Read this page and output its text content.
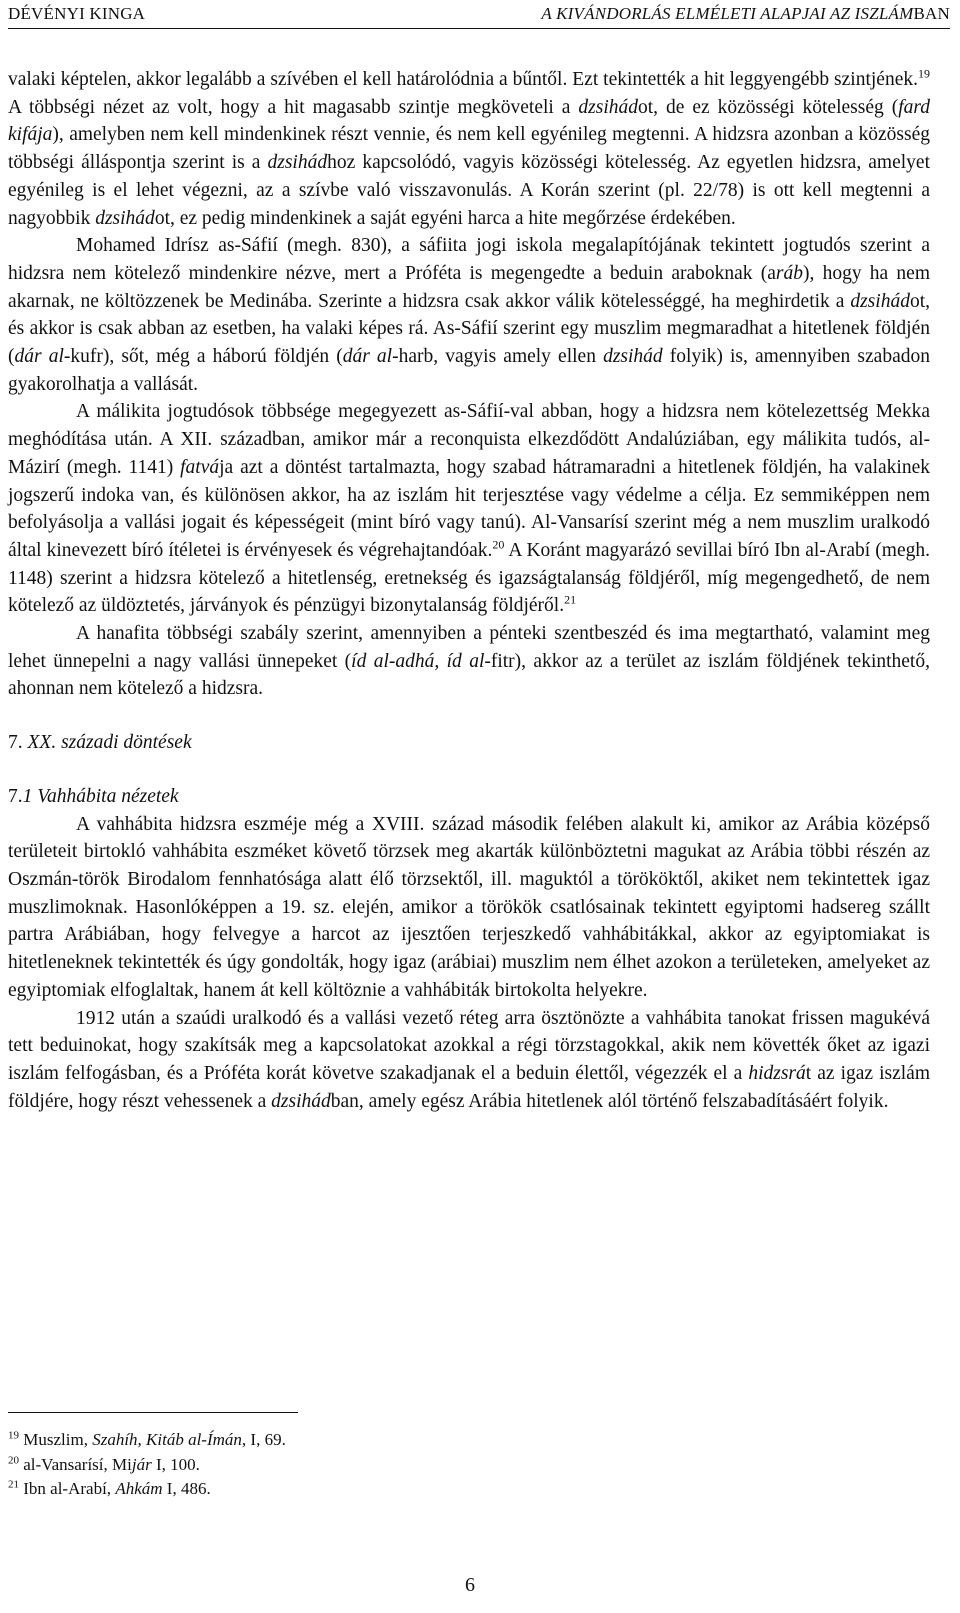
DÉVÉNYI KINGA	A KIVÁNDORLÁS ELMÉLETI ALAPJAI AZ ISZLÁMBAN

valaki képtelen, akkor legalább a szívében el kell határolódnia a bűntől. Ezt tekintették a hit leggyengébb szintjének.$^{19}$ A többségi nézet az volt, hogy a hit magasabb szintje megköveteli a dzsihádot, de ez közösségi kötelesség (fard kifája), amelyben nem kell mindenkinek részt vennie, és nem kell egyénileg megtenni. A hidzsra azonban a közösség többségi álláspontja szerint is a dzsihádhoz kapcsolódó, vagyis közösségi kötelesség. Az egyetlen hidzsra, amelyet egyénileg is el lehet végezni, az a szívbe való visszavonulás. A Korán szerint (pl. 22/78) is ott kell megtenni a nagyobbik dzsihádot, ez pedig mindenkinek a saját egyéni harca a hite megőrzése érdekében.

Mohamed Idrísz as-Sáfií (megh. 830), a sáfiita jogi iskola megalapítójának tekintett jogtudós szerint a hidzsra nem kötelező mindenkire nézve, mert a Próféta is megengedte a beduin araboknak (aráb), hogy ha nem akarnak, ne költözzenek be Medinába. Szerinte a hidzsra csak akkor válik kötelességgé, ha meghirdetik a dzsihádot, és akkor is csak abban az esetben, ha valaki képes rá. As-Sáfií szerint egy muszlim megmaradhat a hitetlenek földjén (dár al-kufr), sőt, még a háború földjén (dár al-harb, vagyis amely ellen dzsihád folyik) is, amennyiben szabadon gyakorolhatja a vallását.

A málikita jogtudósok többsége megegyezett as-Sáfií-val abban, hogy a hidzsra nem kötelezettség Mekka meghódítása után. A XII. században, amikor már a reconquista elkezdődött Andalúziában, egy málikita tudós, al-Mázirí (megh. 1141) fatvája azt a döntést tartalmazta, hogy szabad hátramaradni a hitetlenek földjén, ha valakinek jogszerű indoka van, és különösen akkor, ha az iszlám hit terjesztése vagy védelme a célja. Ez semmiképpen nem befolyásolja a vallási jogait és képességeit (mint bíró vagy tanú). Al-Vansarísí szerint még a nem muszlim uralkodó által kinevezett bíró ítéletei is érvényesek és végrehajtandóak.$^{20}$ A Koránt magyarázó sevillai bíró Ibn al-Arabí (megh. 1148) szerint a hidzsra kötelező a hitetlenség, eretnekség és igazságtalanság földjéről, míg megengedhető, de nem kötelező az üldöztetés, járványok és pénzügyi bizonytalanság földjéről.$^{21}$

A hanafita többségi szabály szerint, amennyiben a pénteki szentbeszéd és ima megtartható, valamint meg lehet ünnepelni a nagy vallási ünnepeket (íd al-adhá, íd al-fitr), akkor az a terület az iszlám földjének tekinthető, ahonnan nem kötelező a hidzsra.

7. XX. századi döntések

7.1 Vahhábita nézetek

A vahhábita hidzsra eszméje még a XVIII. század második felében alakult ki, amikor az Arábia középső területeit birtokló vahhábita eszméket követő törzsek meg akarták különböztetni magukat az Arábia többi részén az Oszmán-török Birodalom fennhatósága alatt élő törzsektől, ill. maguktól a törököktől, akiket nem tekintettek igaz muszlimoknak. Hasonlóképpen a 19. sz. elején, amikor a törökök csatlósainak tekintett egyiptomi hadsereg szállt partra Arábiában, hogy felvegye a harcot az ijesztően terjeszkedő vahhábitákkal, akkor az egyiptomiakat is hitetleneknek tekintették és úgy gondolták, hogy igaz (arábiai) muszlim nem élhet azokon a területeken, amelyeket az egyiptomiak elfoglaltak, hanem át kell költöznie a vahhábiták birtokolta helyekre.

1912 után a szaúdi uralkodó és a vallási vezető réteg arra ösztönözte a vahhábita tanokat frissen magukévá tett beduinokat, hogy szakítsák meg a kapcsolatokat azokkal a régi törzstagokkal, akik nem követték őket az igazi iszlám felfogásban, és a Próféta korát követve szakadjanak el a beduin élettől, végezzék el a hidzsrát az igaz iszlám földjére, hogy részt vehessenek a dzsihádban, amely egész Arábia hitetlenek alól történő felszabadításáért folyik.

$^{19}$ Muszlim, Szahíh, Kitáb al-Ímán, I, 69.
$^{20}$ al-Vansarísí, Mijár I, 100.
$^{21}$ Ibn al-Arabí, Ahkám I, 486.
6
